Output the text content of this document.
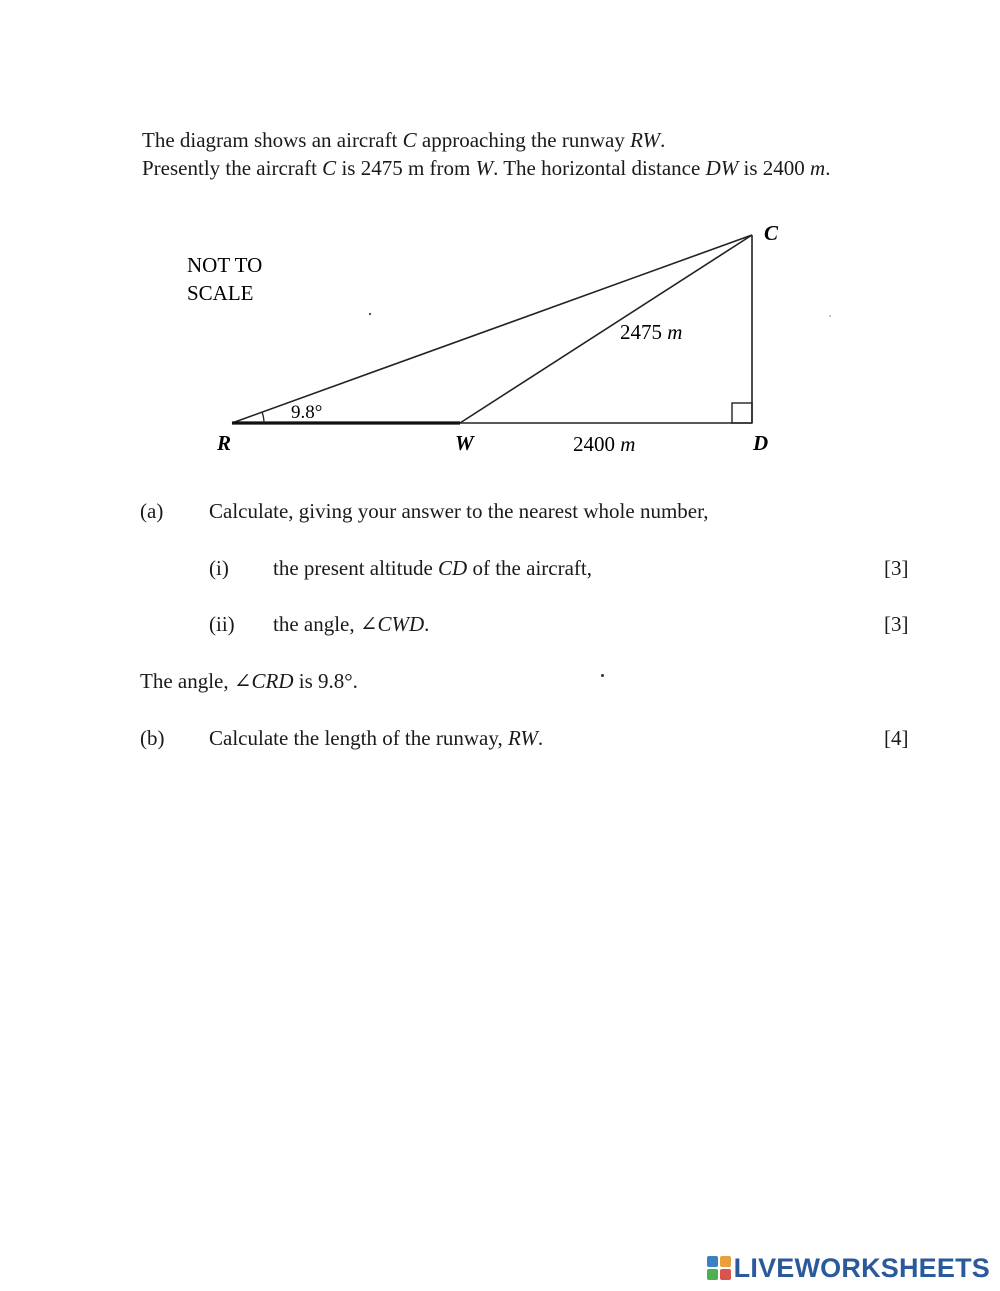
The diagram shows an aircraft C approaching the runway RW.

Presently the aircraft C is 2475 m from W. The horizontal distance DW is 2400 m.

NOT TO
SCALE
9.8°
C
R	W	D
2475 m
2400 m
(a) Calculate, giving your answer to the nearest whole number,
(i) the present altitude CD of the aircraft,	[3]
(ii) the angle, ∠CWD.	[3]
The angle, ∠CRD is 9.8°.
(b) Calculate the length of the runway, RW.	[4]
LIVEWORKSHEETS
